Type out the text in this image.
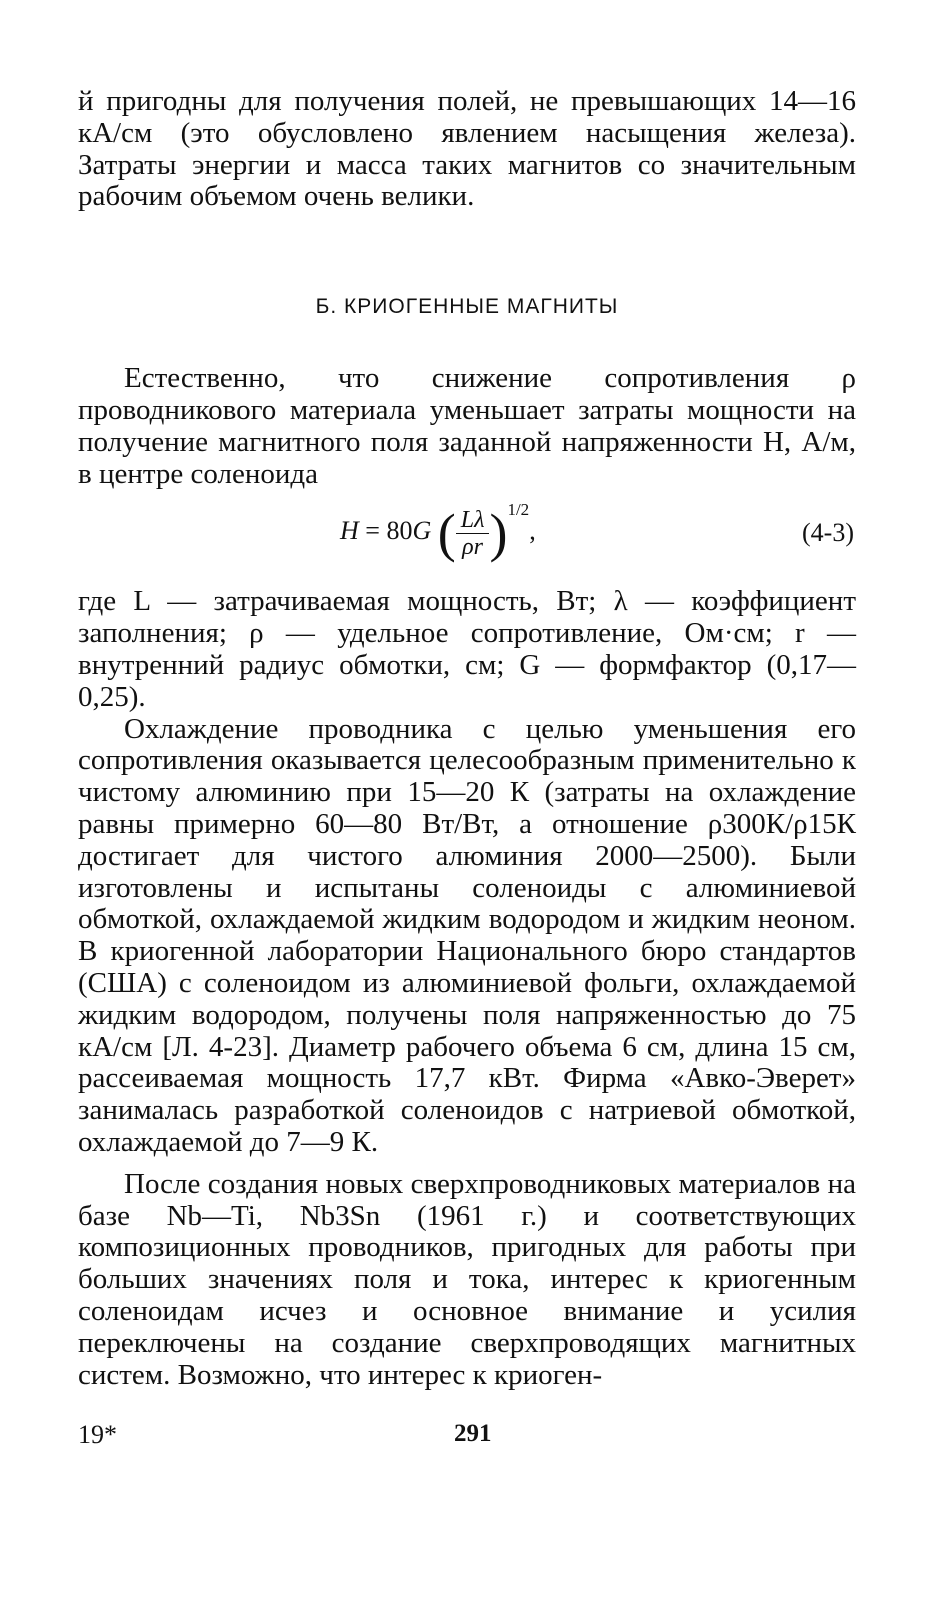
й пригодны для получения полей, не превышающих 14—16 кА/см (это обусловлено явлением насыщения железа). Затраты энергии и масса таких магнитов со значительным рабочим объемом очень велики.

Б. КРИОГЕННЫЕ МАГНИТЫ

Естественно, что снижение сопротивления ρ проводникового материала уменьшает затраты мощности на получение магнитного поля заданной напряженности Н, А/м, в центре соленоида

H = 80G ( $\frac{L\lambda}{\rho r} )^{1/2}$,	(4-3)

где L — затрачиваемая мощность, Вт; λ — коэффициент заполнения; ρ — удельное сопротивление, Ом·см; r — внутренний радиус обмотки, см; G — формфактор (0,17—0,25).

Охлаждение проводника с целью уменьшения его сопротивления оказывается целесообразным применительно к чистому алюминию при 15—20 К (затраты на охлаждение равны примерно 60—80 Вт/Вт, а отношение ρ300К/ρ15К достигает для чистого алюминия 2000—2500). Были изготовлены и испытаны соленоиды с алюминиевой обмоткой, охлаждаемой жидким водородом и жидким неоном. В криогенной лаборатории Национального бюро стандартов (США) с соленоидом из алюминиевой фольги, охлаждаемой жидким водородом, получены поля напряженностью до 75 кА/см [Л. 4-23]. Диаметр рабочего объема 6 см, длина 15 см, рассеиваемая мощность 17,7 кВт. Фирма «Авко-Эверет» занималась разработкой соленоидов с натриевой обмоткой, охлаждаемой до 7—9 К.

После создания новых сверхпроводниковых материалов на базе Nb—Ti, Nb3Sn (1961 г.) и соответствующих композиционных проводников, пригодных для работы при больших значениях поля и тока, интерес к криогенным соленоидам исчез и основное внимание и усилия переключены на создание сверхпроводящих магнитных систем. Возможно, что интерес к криоген-

19*	291
